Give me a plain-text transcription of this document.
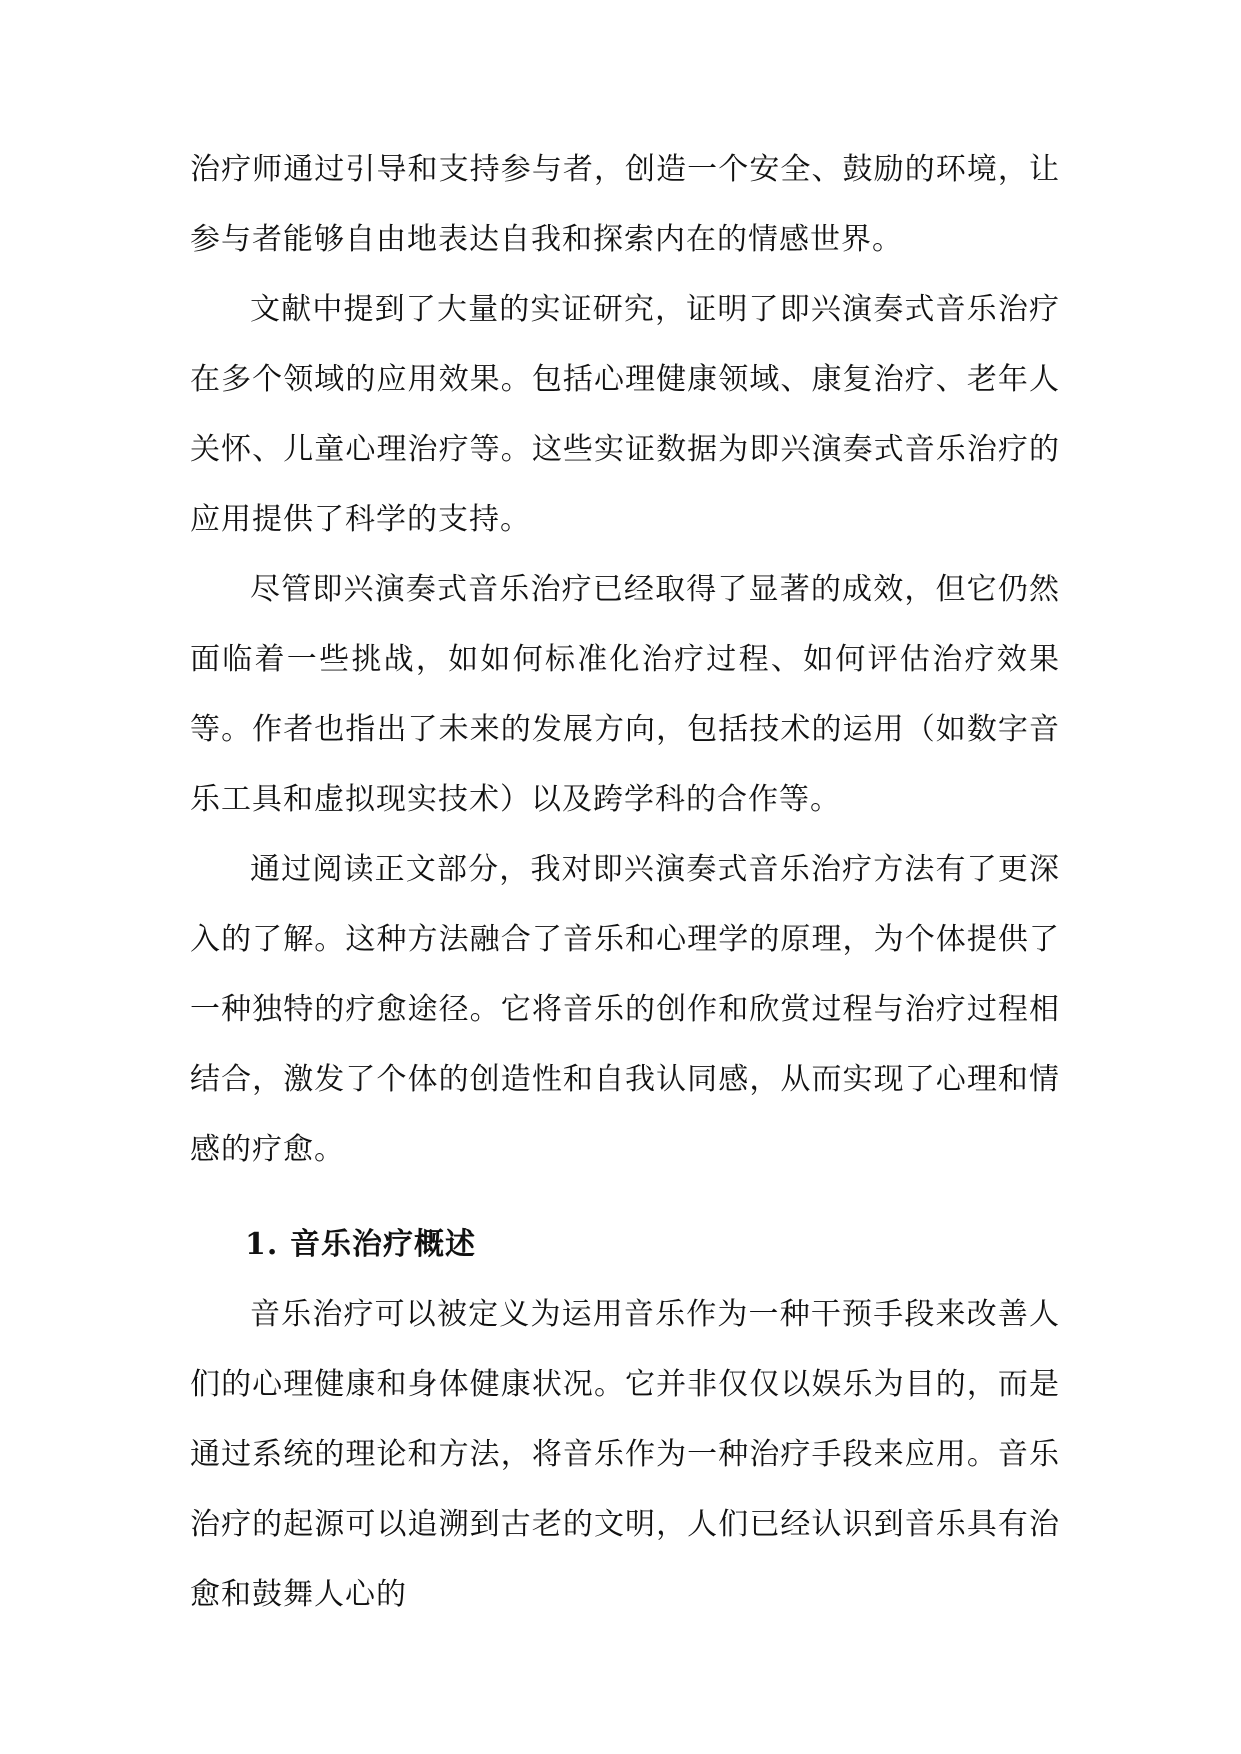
治疗师通过引导和支持参与者，创造一个安全、鼓励的环境，让参与者能够自由地表达自我和探索内在的情感世界。

文献中提到了大量的实证研究，证明了即兴演奏式音乐治疗在多个领域的应用效果。包括心理健康领域、康复治疗、老年人关怀、儿童心理治疗等。这些实证数据为即兴演奏式音乐治疗的应用提供了科学的支持。

尽管即兴演奏式音乐治疗已经取得了显著的成效，但它仍然面临着一些挑战，如如何标准化治疗过程、如何评估治疗效果等。作者也指出了未来的发展方向，包括技术的运用（如数字音乐工具和虚拟现实技术）以及跨学科的合作等。

通过阅读正文部分，我对即兴演奏式音乐治疗方法有了更深入的了解。这种方法融合了音乐和心理学的原理，为个体提供了一种独特的疗愈途径。它将音乐的创作和欣赏过程与治疗过程相结合，激发了个体的创造性和自我认同感，从而实现了心理和情感的疗愈。

1. 音乐治疗概述

音乐治疗可以被定义为运用音乐作为一种干预手段来改善人们的心理健康和身体健康状况。它并非仅仅以娱乐为目的，而是通过系统的理论和方法，将音乐作为一种治疗手段来应用。音乐治疗的起源可以追溯到古老的文明，人们已经认识到音乐具有治愈和鼓舞人心的
